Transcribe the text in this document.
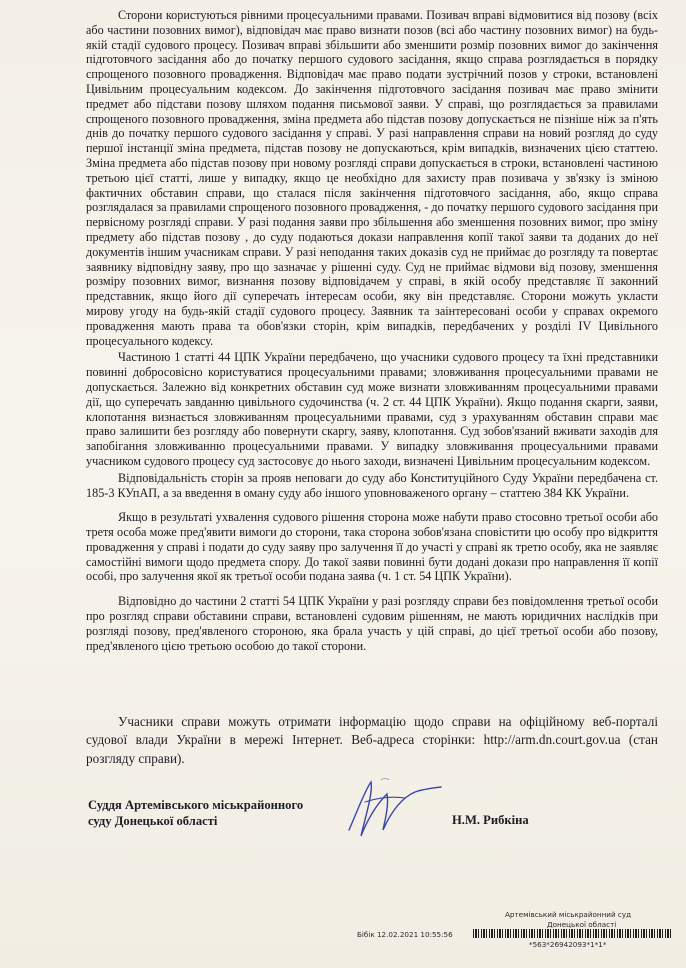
Сторони користуються рівними процесуальними правами. Позивач вправі відмовитися від позову (всіх або частини позовних вимог), відповідач має право визнати позов (всі або частину позовних вимог) на будь-якій стадії судового процесу. Позивач вправі збільшити або зменшити розмір позовних вимог до закінчення підготовчого засідання або до початку першого судового засідання, якщо справа розглядається в порядку спрощеного позовного провадження. Відповідач має право подати зустрічний позов у строки, встановлені Цивільним процесуальним кодексом. До закінчення підготовчого засідання позивач має право змінити предмет або підстави позову шляхом подання письмової заяви. У справі, що розглядається за правилами спрощеного позовного провадження, зміна предмета або підстав позову допускається не пізніше ніж за п'ять днів до початку першого судового засідання у справі. У разі направлення справи на новий розгляд до суду першої інстанції зміна предмета, підстав позову не допускаються, крім випадків, визначених цією статтею. Зміна предмета або підстав позову при новому розгляді справи допускається в строки, встановлені частиною третьою цієї статті, лише у випадку, якщо це необхідно для захисту прав позивача у зв'язку із зміною фактичних обставин справи, що сталася після закінчення підготовчого засідання, або, якщо справа розглядалася за правилами спрощеного позовного провадження, - до початку першого судового засідання при первісному розгляді справи. У разі подання заяви про збільшення або зменшення позовних вимог, про зміну предмету або підстав позову , до суду подаються докази направлення копії такої заяви та доданих до неї документів іншим учасникам справи. У разі неподання таких доказів суд не приймає до розгляду та повертає заявнику відповідну заяву, про що зазначає у рішенні суду. Суд не приймає відмови від позову, зменшення розміру позовних вимог, визнання позову відповідачем у справі, в якій особу представляє її законний представник, якщо його дії суперечать інтересам особи, яку він представляє. Сторони можуть укласти мирову угоду на будь-якій стадії судового процесу. Заявник та заінтересовані особи у справах окремого провадження мають права та обов'язки сторін, крім випадків, передбачених у розділі IV Цивільного процесуального кодексу.

Частиною 1 статті 44 ЦПК України передбачено, що учасники судового процесу та їхні представники повинні добросовісно користуватися процесуальними правами; зловживання процесуальними правами не допускається. Залежно від конкретних обставин суд може визнати зловживанням процесуальними правами дії, що суперечать завданню цивільного судочинства (ч. 2 ст. 44 ЦПК України). Якщо подання скарги, заяви, клопотання визнається зловживанням процесуальними правами, суд з урахуванням обставин справи має право залишити без розгляду або повернути скаргу, заяву, клопотання. Суд зобов'язаний вживати заходів для запобігання зловживанню процесуальними правами. У випадку зловживання процесуальними правами учасником судового процесу суд застосовує до нього заходи, визначені Цивільним процесуальним кодексом.

Відповідальність сторін за прояв неповаги до суду або Конституційного Суду України передбачена ст. 185-3 КУпАП, а за введення в оману суду або іншого уповноваженого органу – статтею 384 КК України.

Якщо в результаті ухвалення судового рішення сторона може набути право стосовно третьої особи або третя особа може пред'явити вимоги до сторони, така сторона зобов'язана сповістити цю особу про відкриття провадження у справі і подати до суду заяву про залучення її до участі у справі як третю особу, яка не заявляє самостійні вимоги щодо предмета спору. До такої заяви повинні бути додані докази про направлення її копії особі, про залучення якої як третьої особи подана заява (ч. 1 ст. 54 ЦПК України).

Відповідно до частини 2 статті 54 ЦПК України у разі розгляду справи без повідомлення третьої особи про розгляд справи обставини справи, встановлені судовим рішенням, не мають юридичних наслідків при розгляді позову, пред'явленого стороною, яка брала участь у цій справі, до цієї третьої особи або позову, пред'явленого цією третьою особою до такої сторони.

Учасники справи можуть отримати інформацію щодо справи на офіційному веб-порталі судової влади України в мережі Інтернет. Веб-адреса сторінки: http://arm.dn.court.gov.ua (стан розгляду справи).

Суддя Артемівського міськрайонного
суду Донецької області	Н.М. Рибкіна
Артемівський міськрайонний суд
Донецької області
Бібік 12.02.2021 10:55:56
*563*26942093*1*1*
